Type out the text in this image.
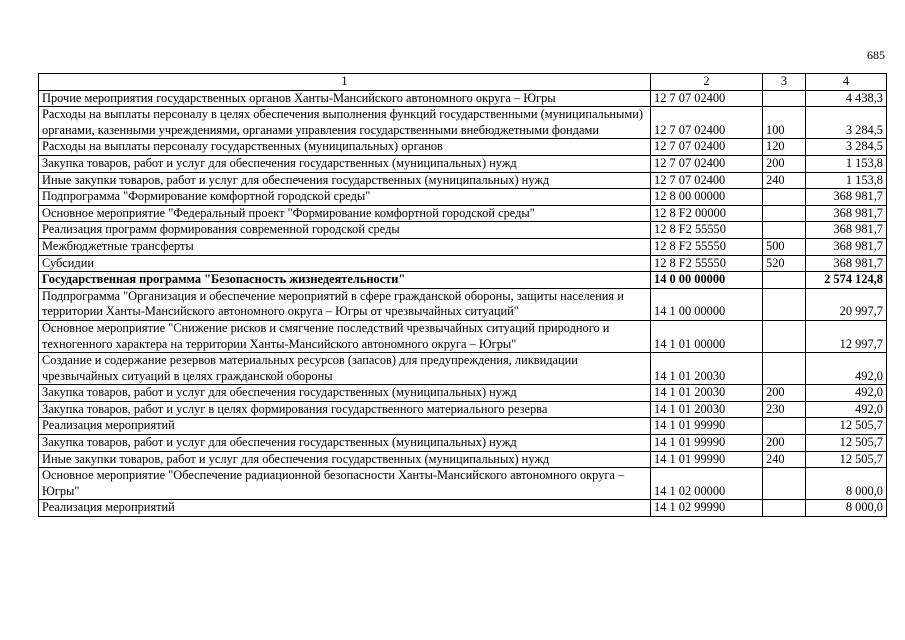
685
1	2	3	4
Прочие мероприятия государственных органов Ханты-Мансийского автономного округа – Югры	12 7 07 02400		4 438,3
Расходы на выплаты персоналу в целях обеспечения выполнения функций государственными (муниципальными) органами, казенными учреждениями, органами управления государственными внебюджетными фондами	12 7 07 02400	100	3 284,5
Расходы на выплаты персоналу государственных (муниципальных) органов	12 7 07 02400	120	3 284,5
Закупка товаров, работ и услуг для обеспечения государственных (муниципальных) нужд	12 7 07 02400	200	1 153,8
Иные закупки товаров, работ и услуг для обеспечения государственных (муниципальных) нужд	12 7 07 02400	240	1 153,8
Подпрограмма "Формирование комфортной городской среды"	12 8 00 00000		368 981,7
Основное мероприятие "Федеральный проект "Формирование комфортной городской среды"	12 8 F2 00000		368 981,7
Реализация программ формирования современной городской среды	12 8 F2 55550		368 981,7
Межбюджетные трансферты	12 8 F2 55550	500	368 981,7
Субсидии	12 8 F2 55550	520	368 981,7
Государственная программа "Безопасность жизнедеятельности"	14 0 00 00000		2 574 124,8
Подпрограмма "Организация и обеспечение мероприятий в сфере гражданской обороны, защиты населения и территории Ханты-Мансийского автономного округа – Югры от чрезвычайных ситуаций"	14 1 00 00000		20 997,7
Основное мероприятие "Снижение рисков и смягчение последствий чрезвычайных ситуаций природного и техногенного характера на территории Ханты-Мансийского автономного округа – Югры"	14 1 01 00000		12 997,7
Создание и содержание резервов материальных ресурсов (запасов) для предупреждения, ликвидации чрезвычайных ситуаций в целях гражданской обороны	14 1 01 20030		492,0
Закупка товаров, работ и услуг для обеспечения государственных (муниципальных) нужд	14 1 01 20030	200	492,0
Закупка товаров, работ и услуг в целях формирования государственного материального резерва	14 1 01 20030	230	492,0
Реализация мероприятий	14 1 01 99990		12 505,7
Закупка товаров, работ и услуг для обеспечения государственных (муниципальных) нужд	14 1 01 99990	200	12 505,7
Иные закупки товаров, работ и услуг для обеспечения государственных (муниципальных) нужд	14 1 01 99990	240	12 505,7
Основное мероприятие "Обеспечение радиационной безопасности Ханты-Мансийского автономного округа – Югры"	14 1 02 00000		8 000,0
Реализация мероприятий	14 1 02 99990		8 000,0
